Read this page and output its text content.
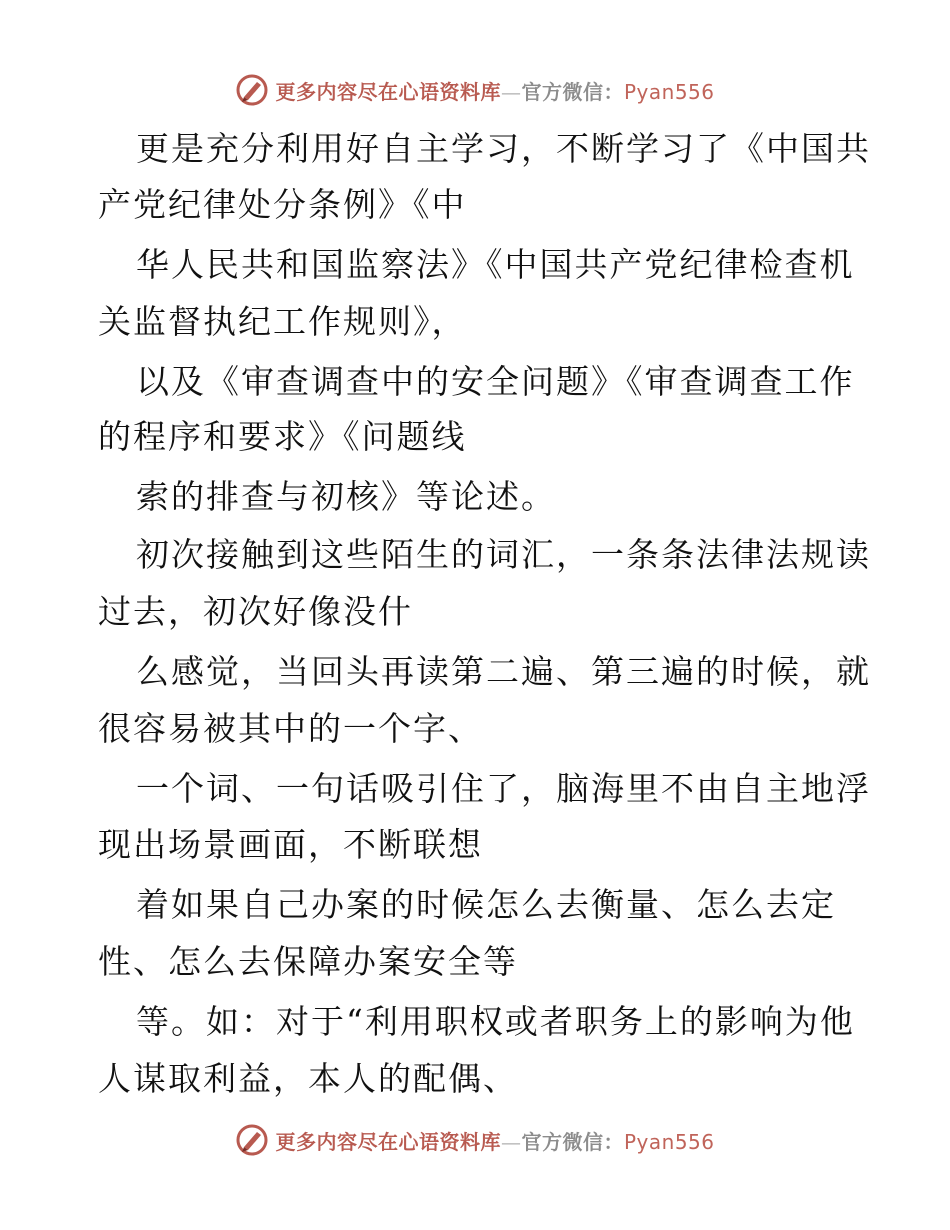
更多内容尽在心语资料库—官方微信：Pyan556
更是充分利用好自主学习，不断学习了《中国共
产党纪律处分条例》《中
华人民共和国监察法》《中国共产党纪律检查机
关监督执纪工作规则》，
以及《审查调查中的安全问题》《审查调查工作
的程序和要求》《问题线
索的排查与初核》等论述。
初次接触到这些陌生的词汇，一条条法律法规读
过去，初次好像没什
么感觉，当回头再读第二遍、第三遍的时候，就
很容易被其中的一个字、
一个词、一句话吸引住了，脑海里不由自主地浮
现出场景画面，不断联想
着如果自己办案的时候怎么去衡量、怎么去定
性、怎么去保障办案安全等
等。如：对于“利用职权或者职务上的影响为他
人谋取利益，本人的配偶、
更多内容尽在心语资料库—官方微信：Pyan556
